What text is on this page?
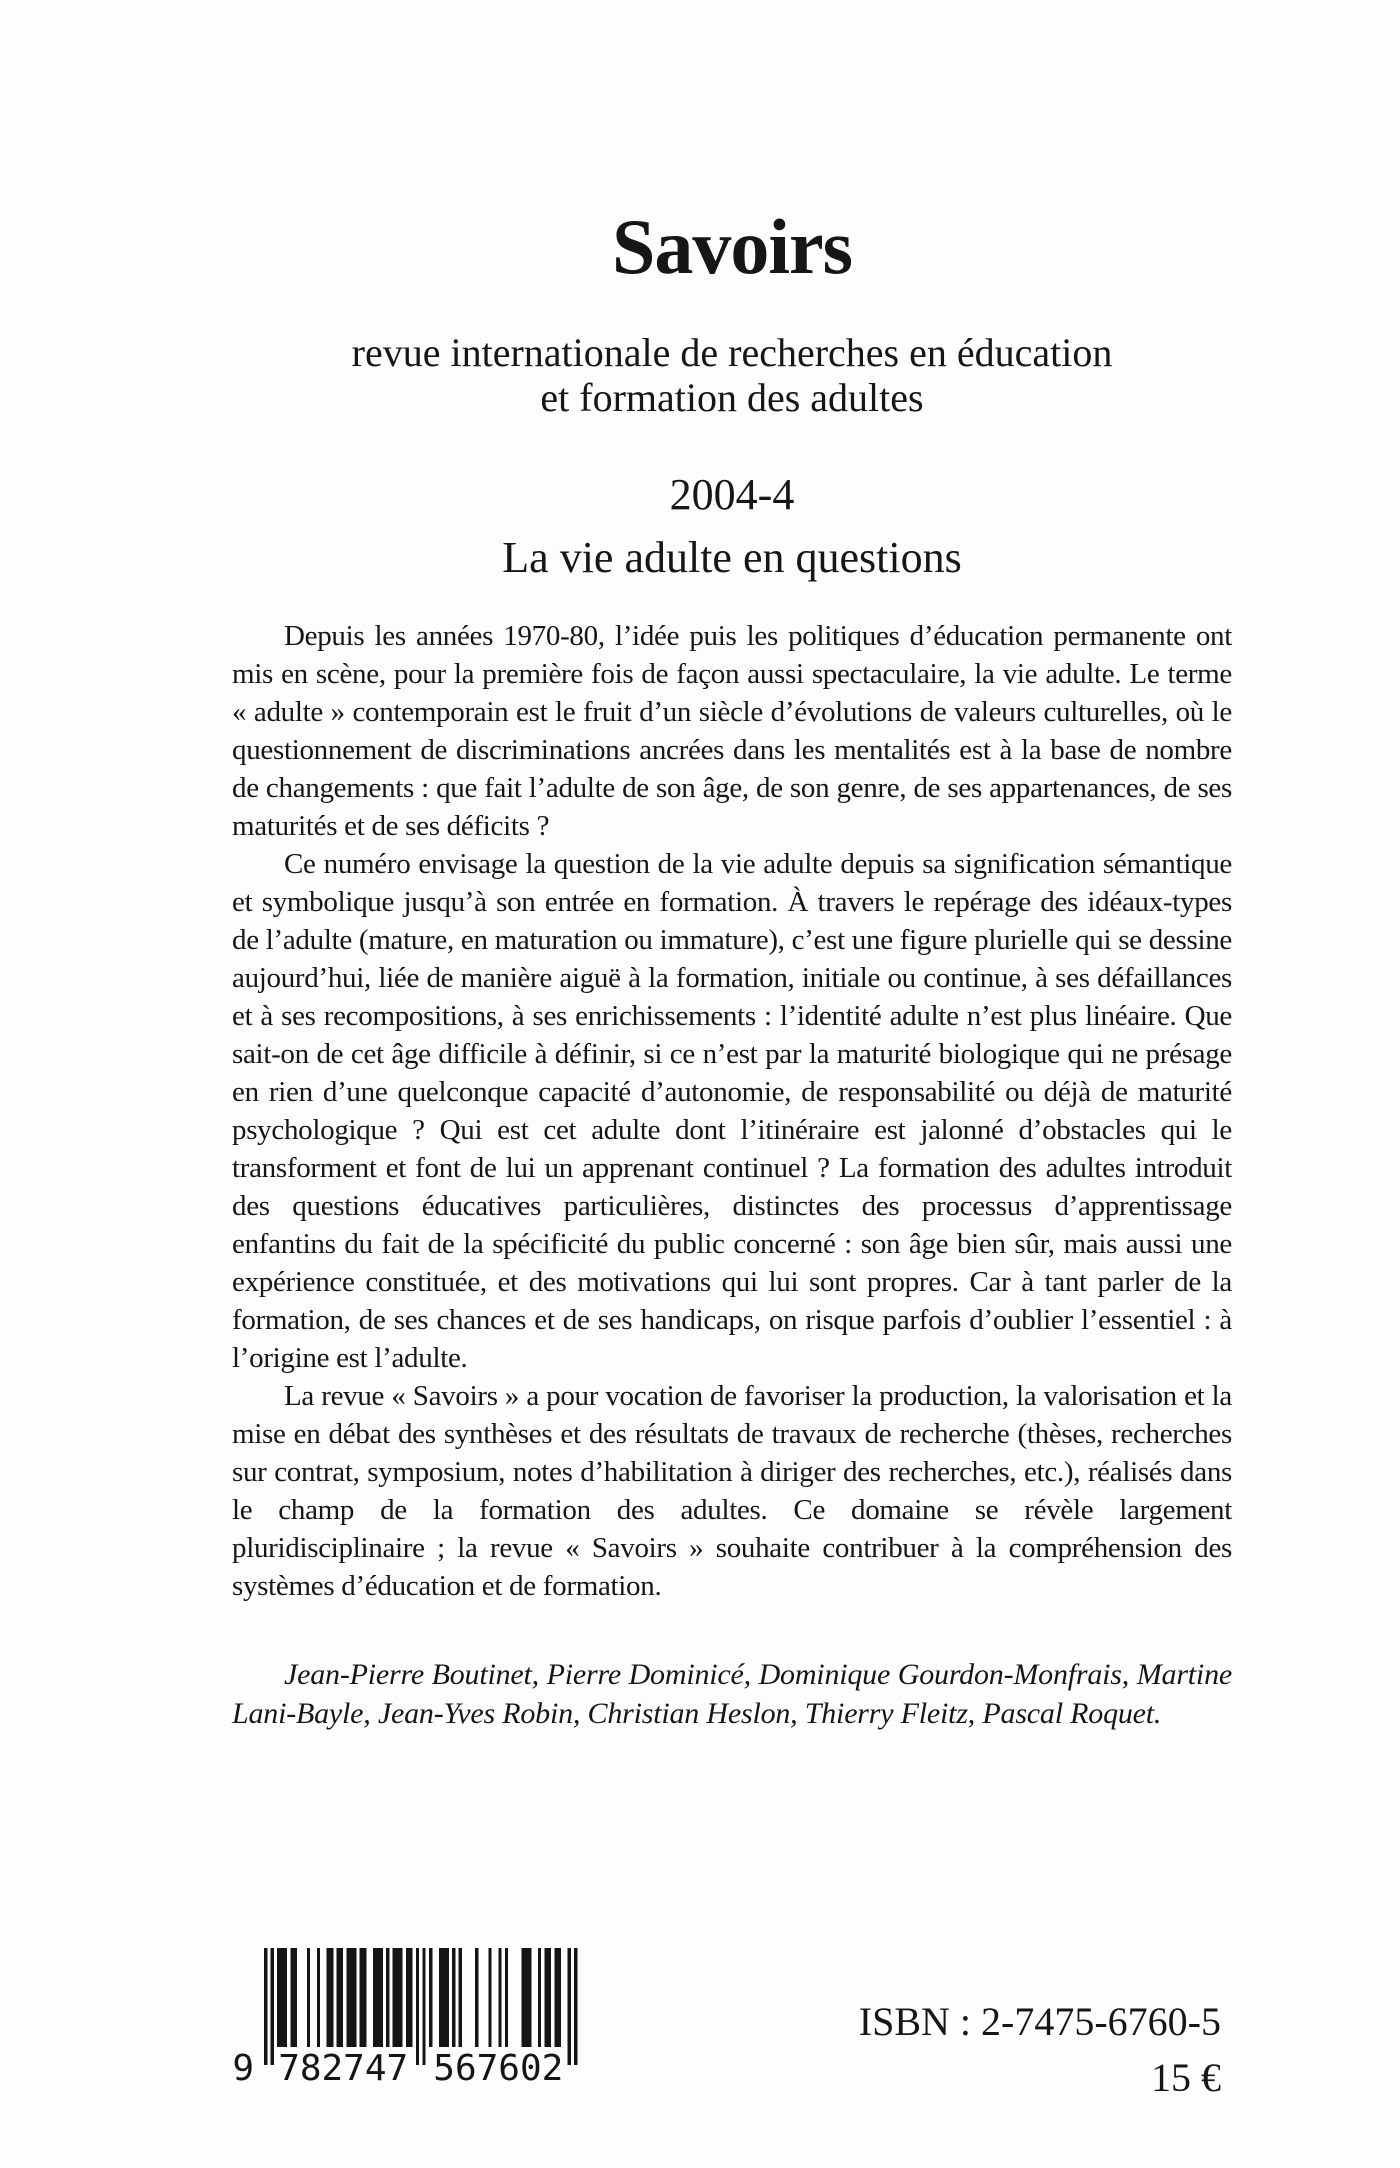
Savoirs
revue internationale de recherches en éducation
et formation des adultes
2004-4
La vie adulte en questions

Depuis les années 1970-80, l’idée puis les politiques d’éducation permanente ont mis en scène, pour la première fois de façon aussi spectaculaire, la vie adulte. Le terme « adulte » contemporain est le fruit d’un siècle d’évolutions de valeurs culturelles, où le questionnement de discriminations ancrées dans les mentalités est à la base de nombre de changements : que fait l’adulte de son âge, de son genre, de ses appartenances, de ses maturités et de ses déficits ?

Ce numéro envisage la question de la vie adulte depuis sa signification sémantique et symbolique jusqu’à son entrée en formation. À travers le repérage des idéaux-types de l’adulte (mature, en maturation ou immature), c’est une figure plurielle qui se dessine aujourd’hui, liée de manière aiguë à la formation, initiale ou continue, à ses défaillances et à ses recompositions, à ses enrichissements : l’identité adulte n’est plus linéaire. Que sait-on de cet âge difficile à définir, si ce n’est par la maturité biologique qui ne présage en rien d’une quelconque capacité d’autonomie, de responsabilité ou déjà de maturité psychologique ? Qui est cet adulte dont l’itinéraire est jalonné d’obstacles qui le transforment et font de lui un apprenant continuel ? La formation des adultes introduit des questions éducatives particulières, distinctes des processus d’apprentissage enfantins du fait de la spécificité du public concerné : son âge bien sûr, mais aussi une expérience constituée, et des motivations qui lui sont propres. Car à tant parler de la formation, de ses chances et de ses handicaps, on risque parfois d’oublier l’essentiel : à l’origine est l’adulte.

La revue « Savoirs » a pour vocation de favoriser la production, la valorisation et la mise en débat des synthèses et des résultats de travaux de recherche (thèses, recherches sur contrat, symposium, notes d’habilitation à diriger des recherches, etc.), réalisés dans le champ de la formation des adultes. Ce domaine se révèle largement pluridisciplinaire ; la revue « Savoirs » souhaite contribuer à la compréhension des systèmes d’éducation et de formation.

Jean-Pierre Boutinet, Pierre Dominicé, Dominique Gourdon-Monfrais, Martine Lani-Bayle, Jean-Yves Robin, Christian Heslon, Thierry Fleitz, Pascal Roquet.
9 782747 567602
ISBN : 2-7475-6760-5
15 €
